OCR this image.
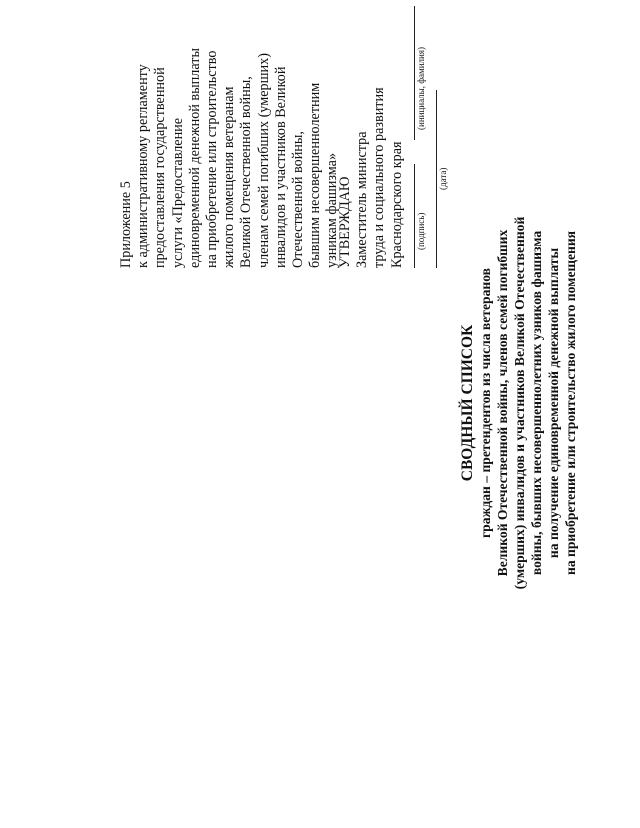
Приложение 5 к административному регламенту предоставления государственной услуги «Предоставление единовременной денежной выплаты на приобретение или строительство жилого помещения ветеранам Великой Отечественной войны, членам семей погибших (умерших) инвалидов и участников Великой Отечественной войны, бывшим несовершеннолетним узникам фашизма»
УТВЕРЖДАЮ Заместитель министра труда и социального развития Краснодарского края (подпись)
(инициалы, фамилия)
(дата)
СВОДНЫЙ СПИСОК граждан – претендентов из числа ветеранов Великой Отечественной войны, членов семей погибших (умерших) инвалидов и участников Великой Отечественной войны, бывших несовершеннолетних узников фашизма на получение единовременной денежной выплаты на приобретение или строительство жилого помещения
